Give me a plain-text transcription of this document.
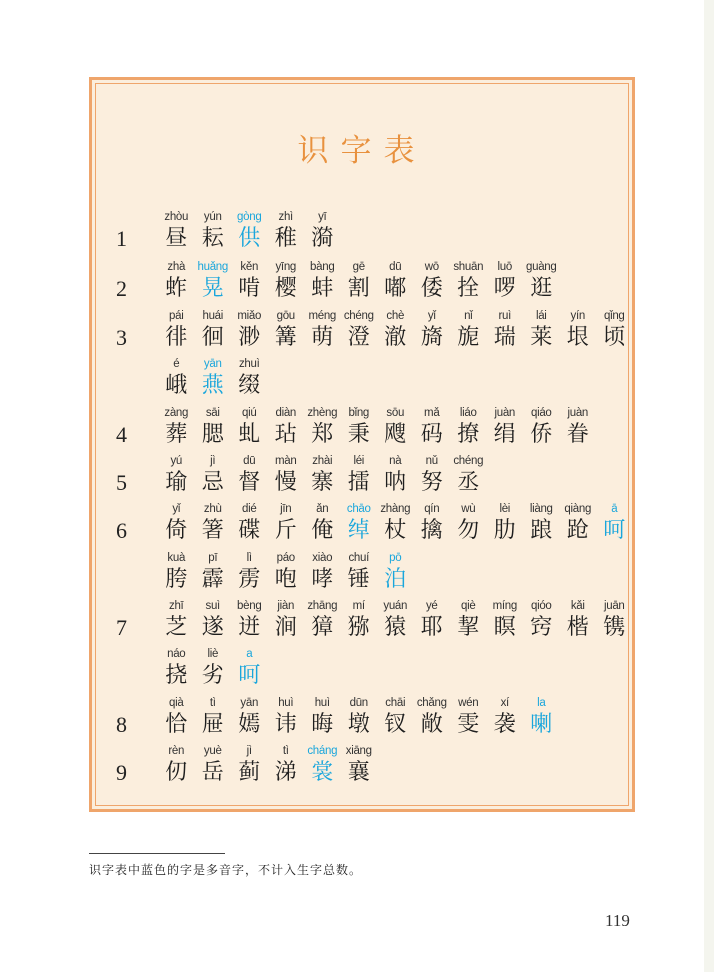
识字表
1
zhòu
昼
yún
耘
gòng
供
zhì
稚
yī
漪
2
zhà
蚱
huǎng
晃
kěn
啃
yīng
樱
bàng
蚌
gē
割
dū
嘟
wō
倭
shuān
拴
luō
啰
guàng
逛
3
pái
徘
huái
徊
miǎo
渺
gōu
篝
méng
萌
chéng
澄
chè
澈
yǐ
旖
nǐ
旎
ruì
瑞
lái
莱
yín
垠
qǐng
顷
é
峨
yān
燕
zhuì
缀
4
zàng
葬
sāi
腮
qiú
虬
diàn
玷
zhèng
郑
bǐng
秉
sōu
飕
mǎ
码
liáo
撩
juàn
绢
qiáo
侨
juàn
眷
5
yú
瑜
jì
忌
dū
督
màn
慢
zhài
寨
léi
擂
nà
呐
nǔ
努
chéng
丞
6
yǐ
倚
zhù
箸
dié
碟
jīn
斤
ǎn
俺
chāo
绰
zhàng
杖
qín
擒
wù
勿
lèi
肋
liàng
踉
qiàng
跄
ā
呵
kuà
胯
pī
霹
lì
雳
páo
咆
xiào
哮
chuí
锤
pō
泊
7
zhī
芝
suì
遂
bèng
迸
jiàn
涧
zhāng
獐
mí
猕
yuán
猿
yé
耶
qiè
挈
míng
瞑
qióo
窍
kǎi
楷
juān
镌
náo
挠
liè
劣
a
呵
8
qià
恰
tì
屉
yān
嫣
huì
讳
huì
晦
dūn
墩
chāi
钗
chǎng
敞
wén
雯
xí
袭
la
喇
9
rèn
仞
yuè
岳
jì
蓟
tì
涕
cháng
裳
xiāng
襄
识字表中蓝色的字是多音字，不计入生字总数。
119
